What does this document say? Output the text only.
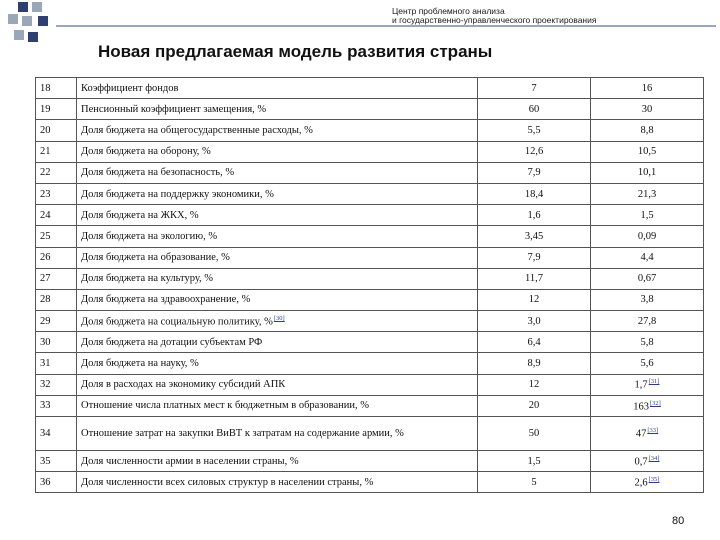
Центр проблемного анализа
и государственно-управленческого проектирования
Новая предлагаемая модель развития страны
18	Коэффициент фондов	7	16
19	Пенсионный коэффициент замещения, %	60	30
20	Доля бюджета на общегосударственные расходы, %	5,5	8,8
21	Доля бюджета на оборону, %	12,6	10,5
22	Доля бюджета на безопасность, %	7,9	10,1
23	Доля бюджета на поддержку экономики, %	18,4	21,3
24	Доля бюджета на ЖКХ, %	1,6	1,5
25	Доля бюджета на экологию, %	3,45	0,09
26	Доля бюджета на образование, %	7,9	4,4
27	Доля бюджета на культуру, %	11,7	0,67
28	Доля бюджета на здравоохранение, %	12	3,8
29	Доля бюджета на социальную политику, %[30]	3,0	27,8
30	Доля бюджета на дотации субъектам РФ	6,4	5,8
31	Доля бюджета на науку, %	8,9	5,6
32	Доля в расходах на экономику субсидий АПК	12	1,7[31]
33	Отношение числа платных мест к бюджетным в образовании, %	20	163[32]
34	Отношение затрат на закупки ВиВТ к затратам на содержание армии, %	50	47[33]
35	Доля численности армии в населении страны, %	1,5	0,7[34]
36	Доля численности всех силовых структур в населении страны, %	5	2,6[35]
80
